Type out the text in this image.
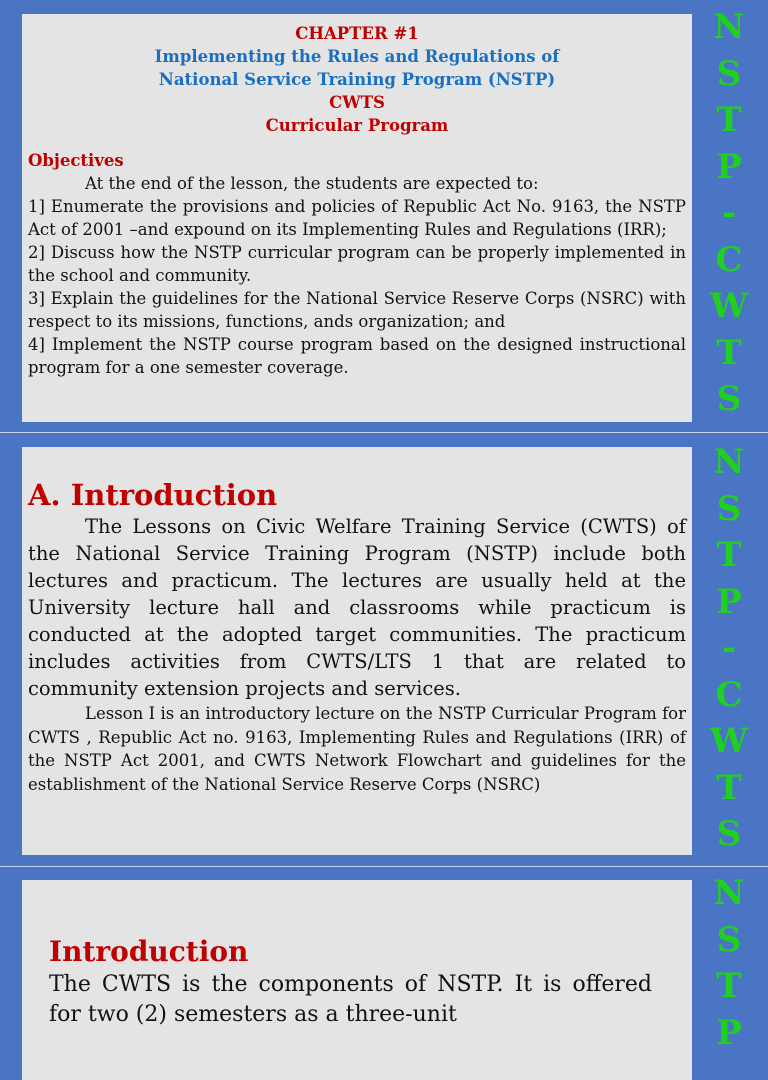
CHAPTER #1
Implementing the Rules and Regulations of
National Service Training Program (NSTP)
CWTS
Curricular Program
Objectives
At the end of the lesson, the students are expected to:
1] Enumerate the provisions and policies of Republic Act No. 9163, the NSTP Act of 2001 –and expound on its Implementing Rules and Regulations (IRR);
2] Discuss how the NSTP curricular program can be properly implemented in the school and community.
3] Explain the guidelines for the National Service Reserve Corps (NSRC) with respect to its missions, functions, ands organization; and
4] Implement the NSTP course program based on the designed instructional program for a one semester coverage.
N
S
T
P
-
C
W
T
S
A. Introduction
The Lessons on Civic Welfare Training Service (CWTS) of the National Service Training Program (NSTP) include both lectures and practicum. The lectures are usually held at the University lecture hall and classrooms while practicum is conducted at the adopted target communities. The practicum includes activities from CWTS/LTS 1 that are related to community extension projects and services.
Lesson I is an introductory lecture on the NSTP Curricular Program for CWTS , Republic Act no. 9163, Implementing Rules and Regulations (IRR) of the NSTP Act 2001, and CWTS Network Flowchart and guidelines for the establishment of the National Service Reserve Corps (NSRC)
N
S
T
P
-
C
W
T
S
Introduction
The CWTS is the components of NSTP. It is offered for two (2) semesters as a three-unit
N
S
T
P
